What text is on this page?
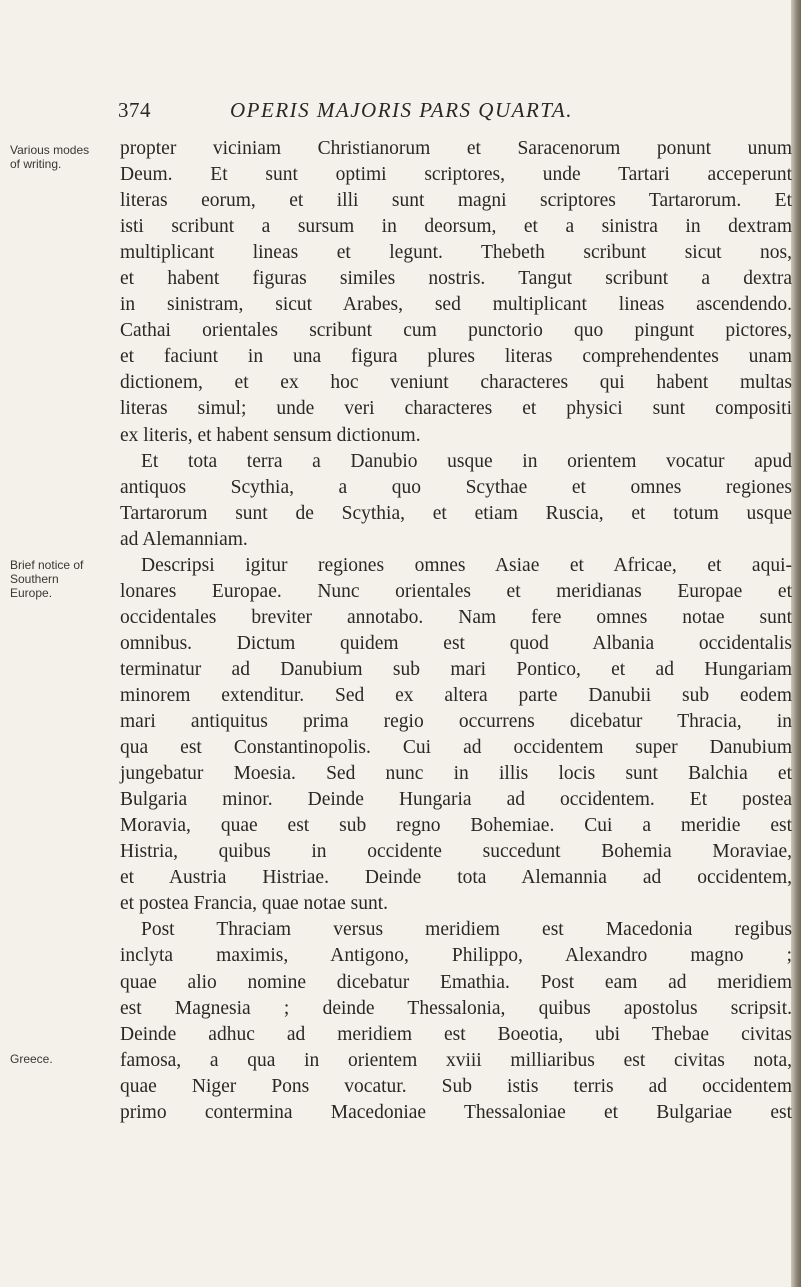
374	OPERIS MAJORIS PARS QUARTA.
Various modes of writing.
Brief notice of Southern Europe.
Greece.
propter viciniam Christianorum et Saracenorum ponunt unum
Deum. Et sunt optimi scriptores, unde Tartari acceperunt
literas eorum, et illi sunt magni scriptores Tartarorum. Et
isti scribunt a sursum in deorsum, et a sinistra in dextram
multiplicant lineas et legunt. Thebeth scribunt sicut nos,
et habent figuras similes nostris. Tangut scribunt a dextra
in sinistram, sicut Arabes, sed multiplicant lineas ascendendo.
Cathai orientales scribunt cum punctorio quo pingunt pictores,
et faciunt in una figura plures literas comprehendentes unam
dictionem, et ex hoc veniunt characteres qui habent multas
literas simul; unde veri characteres et physici sunt compositi
ex literis, et habent sensum dictionum.
Et tota terra a Danubio usque in orientem vocatur apud
antiquos Scythia, a quo Scythae et omnes regiones
Tartarorum sunt de Scythia, et etiam Ruscia, et totum usque
ad Alemanniam.
Descripsi igitur regiones omnes Asiae et Africae, et aqui-
lonares Europae. Nunc orientales et meridianas Europae et
occidentales breviter annotabo. Nam fere omnes notae sunt
omnibus. Dictum quidem est quod Albania occidentalis
terminatur ad Danubium sub mari Pontico, et ad Hungariam
minorem extenditur. Sed ex altera parte Danubii sub eodem
mari antiquitus prima regio occurrens dicebatur Thracia, in
qua est Constantinopolis. Cui ad occidentem super Danubium
jungebatur Moesia. Sed nunc in illis locis sunt Balchia et
Bulgaria minor. Deinde Hungaria ad occidentem. Et postea
Moravia, quae est sub regno Bohemiae. Cui a meridie est
Histria, quibus in occidente succedunt Bohemia Moraviae,
et Austria Histriae. Deinde tota Alemannia ad occidentem,
et postea Francia, quae notae sunt.
Post Thraciam versus meridiem est Macedonia regibus
inclyta maximis, Antigono, Philippo, Alexandro magno ;
quae alio nomine dicebatur Emathia. Post eam ad meridiem
est Magnesia ; deinde Thessalonia, quibus apostolus scripsit.
Deinde adhuc ad meridiem est Boeotia, ubi Thebae civitas
famosa, a qua in orientem xviii milliaribus est civitas nota,
quae Niger Pons vocatur. Sub istis terris ad occidentem
primo contermina Macedoniae Thessaloniae et Bulgariae est
